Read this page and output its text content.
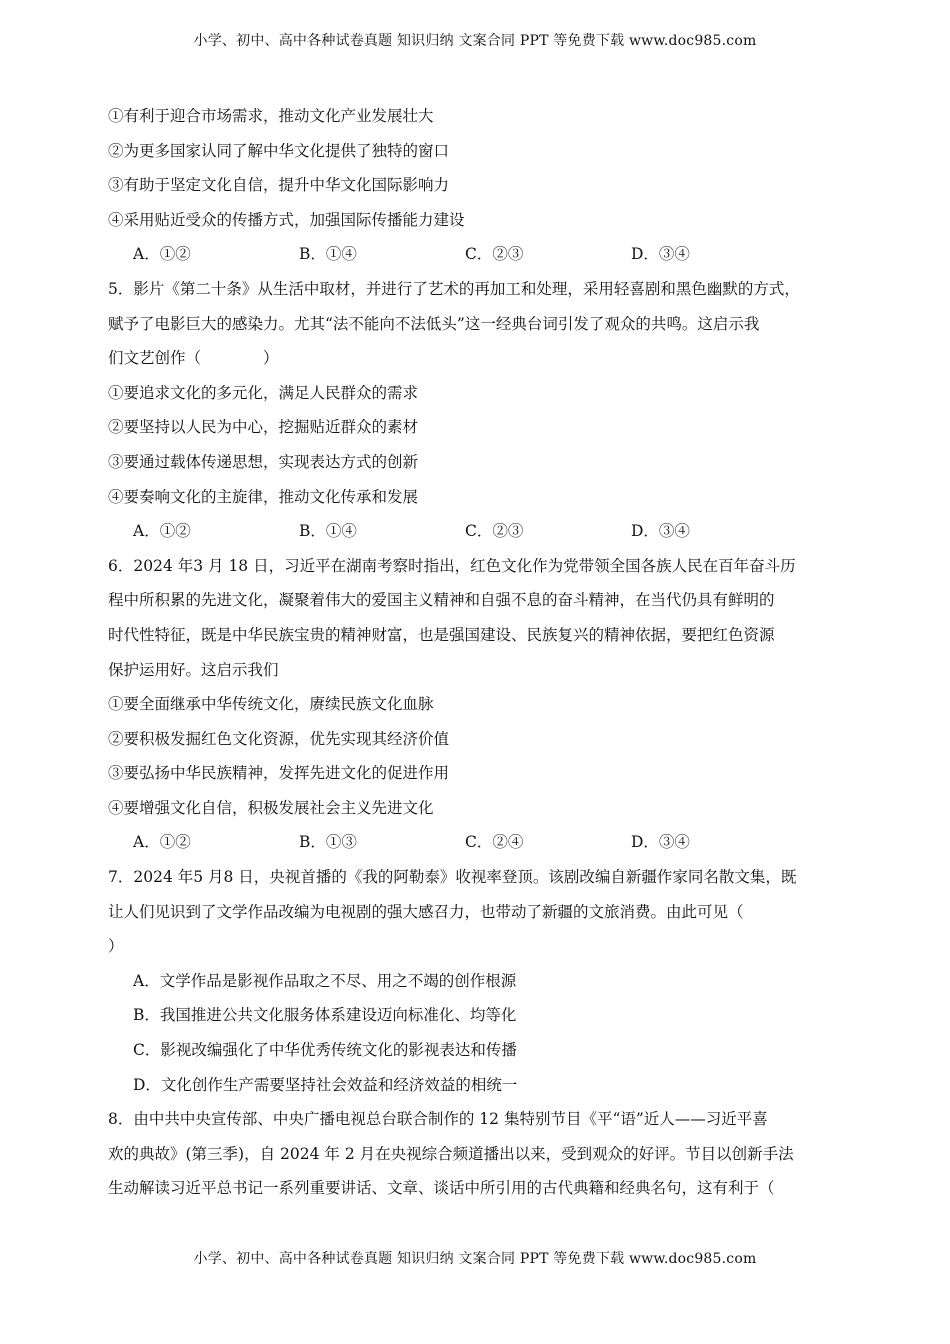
小学、初中、高中各种试卷真题 知识归纳 文案合同 PPT 等免费下载 www.doc985.com
①有利于迎合市场需求，推动文化产业发展壮大
②为更多国家认同了解中华文化提供了独特的窗口
③有助于坚定文化自信，提升中华文化国际影响力
④采用贴近受众的传播方式，加强国际传播能力建设
A．①②	B．①④	C．②③	D．③④
5．影片《第二十条》从生活中取材，并进行了艺术的再加工和处理，采用轻喜剧和黑色幽默的方式，
赋予了电影巨大的感染力。尤其“法不能向不法低头”这一经典台词引发了观众的共鸣。这启示我
们文艺创作（　　　　）
①要追求文化的多元化，满足人民群众的需求
②要坚持以人民为中心，挖掘贴近群众的素材
③要通过载体传递思想，实现表达方式的创新
④要奏响文化的主旋律，推动文化传承和发展
A．①②	B．①④	C．②③	D．③④
6．2024 年3 月 18 日，习近平在湖南考察时指出，红色文化作为党带领全国各族人民在百年奋斗历
程中所积累的先进文化，凝聚着伟大的爱国主义精神和自强不息的奋斗精神，在当代仍具有鲜明的
时代性特征，既是中华民族宝贵的精神财富，也是强国建设、民族复兴的精神依据，要把红色资源
保护运用好。这启示我们
①要全面继承中华传统文化，赓续民族文化血脉
②要积极发掘红色文化资源，优先实现其经济价值
③要弘扬中华民族精神，发挥先进文化的促进作用
④要增强文化自信，积极发展社会主义先进文化
A．①②	B．①③	C．②④	D．③④
7．2024 年5 月8 日，央视首播的《我的阿勒泰》收视率登顶。该剧改编自新疆作家同名散文集，既
让人们见识到了文学作品改编为电视剧的强大感召力，也带动了新疆的文旅消费。由此可见（
）
A．文学作品是影视作品取之不尽、用之不竭的创作根源
B．我国推进公共文化服务体系建设迈向标准化、均等化
C．影视改编强化了中华优秀传统文化的影视表达和传播
D．文化创作生产需要坚持社会效益和经济效益的相统一
8．由中共中央宣传部、中央广播电视总台联合制作的 12 集特别节目《平“语”近人——习近平喜
欢的典故》(第三季)，自 2024 年 2 月在央视综合频道播出以来，受到观众的好评。节目以创新手法
生动解读习近平总书记一系列重要讲话、文章、谈话中所引用的古代典籍和经典名句，这有利于（
小学、初中、高中各种试卷真题 知识归纳 文案合同 PPT 等免费下载 www.doc985.com
